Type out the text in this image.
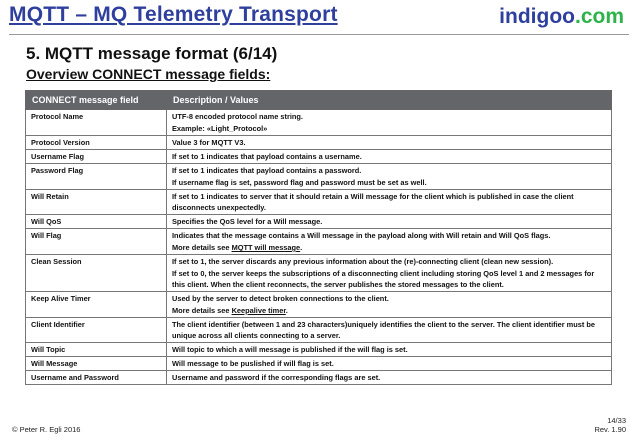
MQTT – MQ Telemetry Transport	indigoo.com
5. MQTT message format (6/14)
Overview CONNECT message fields:
CONNECT message field	Description / Values
Protocol Name	UTF-8 encoded protocol name string.
Example: «Light_Protocol»

Protocol Version	Value 3 for MQTT V3.

Username Flag	If set to 1 indicates that payload contains a username.

Password Flag	If set to 1 indicates that payload contains a password.
If username flag is set, password flag and password must be set as well.

Will Retain	If set to 1 indicates to server that it should retain a Will message for the client which is published in case the client disconnects unexpectedly.

Will QoS	Specifies the QoS level for a Will message.

Will Flag	Indicates that the message contains a Will message in the payload along with Will retain and Will QoS flags.
More details see MQTT will message.

Clean Session	If set to 1, the server discards any previous information about the (re)-connecting client (clean new session).
If set to 0, the server keeps the subscriptions of a disconnecting client including storing QoS level 1 and 2 messages for this client. When the client reconnects, the server publishes the stored messages to the client.

Keep Alive Timer	Used by the server to detect broken connections to the client.
More details see Keepalive timer.

Client Identifier	The client identifier (between 1 and 23 characters)uniquely identifies the client to the server. The client identifier must be unique across all clients connecting to a server.

Will Topic	Will topic to which a will message is published if the will flag is set.

Will Message	Will message to be puslished if will flag is set.

Username and Password	Username and password if the corresponding flags are set.
© Peter R. Egli 2016
14/33
Rev. 1.90
